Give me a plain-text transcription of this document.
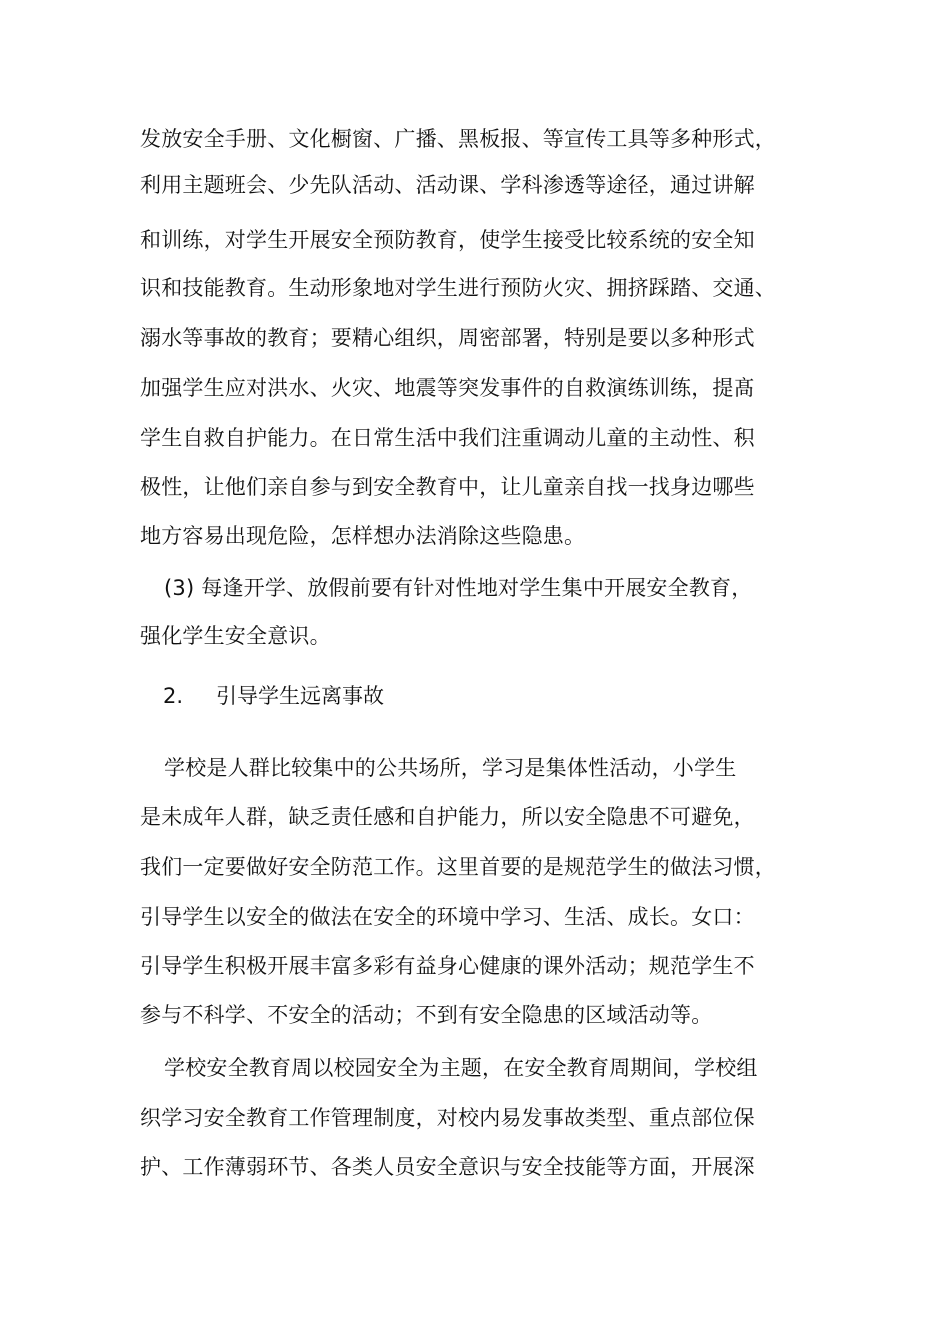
发放安全手册、文化橱窗、广播、黑板报、等宣传工具等多种形式，
利用主题班会、少先队活动、活动课、学科渗透等途径，通过讲解
和训练，对学生开展安全预防教育，使学生接受比较系统的安全知
识和技能教育。生动形象地对学生进行预防火灾、拥挤踩踏、交通、
溺水等事故的教育；要精心组织，周密部署，特别是要以多种形式
加强学生应对洪水、火灾、地震等突发事件的自救演练训练，提髙
学生自救自护能力。在日常生活中我们注重调动儿童的主动性、积
极性，让他们亲自参与到安全教育中，让儿童亲自找一找身边哪些
地方容易出现危险，怎样想办法消除这些隐患。
(3) 每逢开学、放假前要有针对性地对学生集中开展安全教育，
强化学生安全意识。
2. 引导学生远离事故
学校是人群比较集中的公共场所，学习是集体性活动，小学生
是未成年人群，缺乏责任感和自护能力，所以安全隐患不可避免，
我们一定要做好安全防范工作。这里首要的是规范学生的做法习惯，
引导学生以安全的做法在安全的环境中学习、生活、成长。女口：
引导学生积极开展丰富多彩有益身心健康的课外活动；规范学生不
参与不科学、不安全的活动；不到有安全隐患的区域活动等。
学校安全教育周以校园安全为主题，在安全教育周期间，学校组
织学习安全教育工作管理制度，对校内易发事故类型、重点部位保
护、工作薄弱环节、各类人员安全意识与安全技能等方面，开展深
